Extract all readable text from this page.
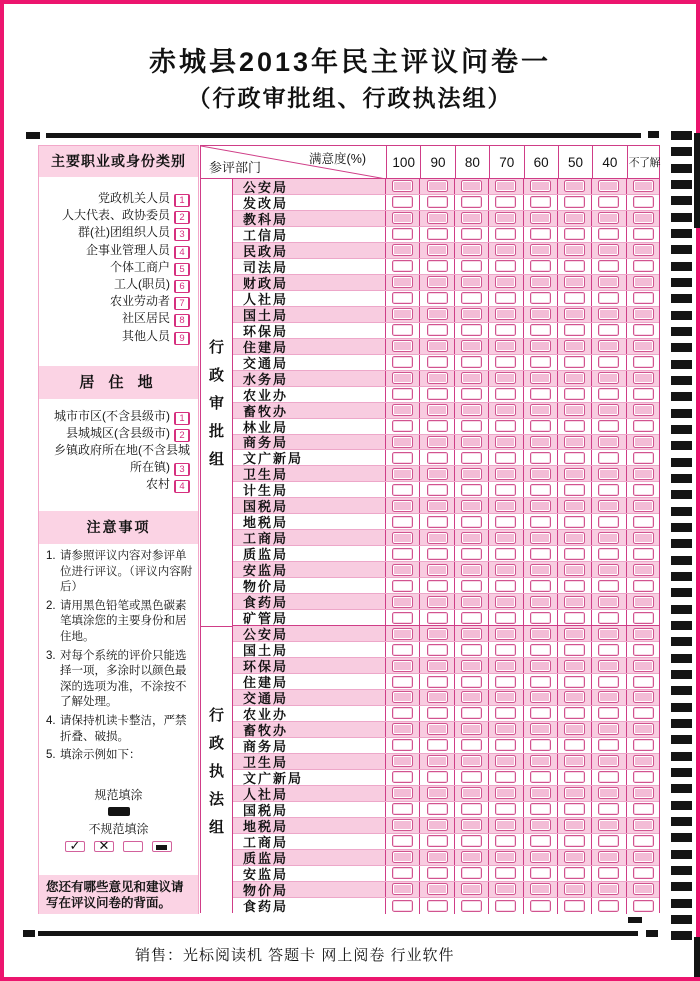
赤城县2013年民主评议问卷一
（行政审批组、行政执法组）
主要职业或身份类别
党政机关人员 1
人大代表、政协委员 2
群(社)团组织人员 3
企事业管理人员 4
个体工商户 5
工人(职员) 6
农业劳动者 7
社区居民 8
其他人员 9
居 住 地
城市市区(不含县级市) 1
县城城区(含县级市) 2
乡镇政府所在地(不含县城所在镇) 3
农村 4
注意事项
1. 请参照评议内容对参评单位进行评议。（评议内容附后）
2. 请用黑色铅笔或黑色碳素笔填涂您的主要身份和居住地。
3. 对每个系统的评价只能选择一项，多涂时以颜色最深的选项为准，不涂按不了解处理。
4. 请保持机读卡整洁，严禁折叠、破损。
5. 填涂示例如下：
规范填涂
不规范填涂
✓ ✕
您还有哪些意见和建议请写在评议问卷的背面。
参评部门
满意度(%)	100	90	80	70	60	50	40	不了解
行
政
审
批
组
行
政
执
法
组
公安局
发改局
教科局
工信局
民政局
司法局
财政局
人社局
国土局
环保局
住建局
交通局
水务局
农业办
畜牧办
林业局
商务局
文广新局
卫生局
计生局
国税局
地税局
工商局
质监局
安监局
物价局
食药局
矿管局
公安局
国土局
环保局
住建局
交通局
农业办
畜牧办
商务局
卫生局
文广新局
人社局
国税局
地税局
工商局
质监局
安监局
物价局
食药局
销售：光标阅读机 答题卡 网上阅卷 行业软件
